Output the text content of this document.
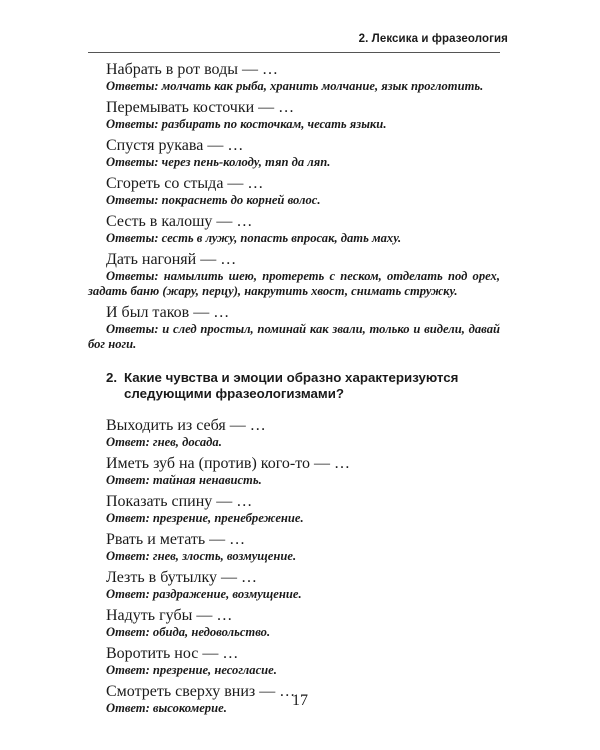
2. Лексика и фразеология
Набрать в рот воды — …
Ответы: молчать как рыба, хранить молчание, язык проглотить.
Перемывать косточки — …
Ответы: разбирать по косточкам, чесать языки.
Спустя рукава — …
Ответы: через пень-колоду, тяп да ляп.
Сгореть со стыда — …
Ответы: покраснеть до корней волос.
Сесть в калошу — …
Ответы: сесть в лужу, попасть впросак, дать маху.
Дать нагоняй — …
Ответы: намылить шею, протереть с песком, отделать под орех, задать баню (жару, перцу), накрутить хвост, снимать стружку.
И был таков — …
Ответы: и след простыл, поминай как звали, только и видели, давай бог ноги.
2. Какие чувства и эмоции образно характеризуются следующими фразеологизмами?
Выходить из себя — …
Ответ: гнев, досада.
Иметь зуб на (против) кого-то — …
Ответ: тайная ненависть.
Показать спину — …
Ответ: презрение, пренебрежение.
Рвать и метать — …
Ответ: гнев, злость, возмущение.
Лезть в бутылку — …
Ответ: раздражение, возмущение.
Надуть губы — …
Ответ: обида, недовольство.
Воротить нос — …
Ответ: презрение, несогласие.
Смотреть сверху вниз — …
Ответ: высокомерие.	17
